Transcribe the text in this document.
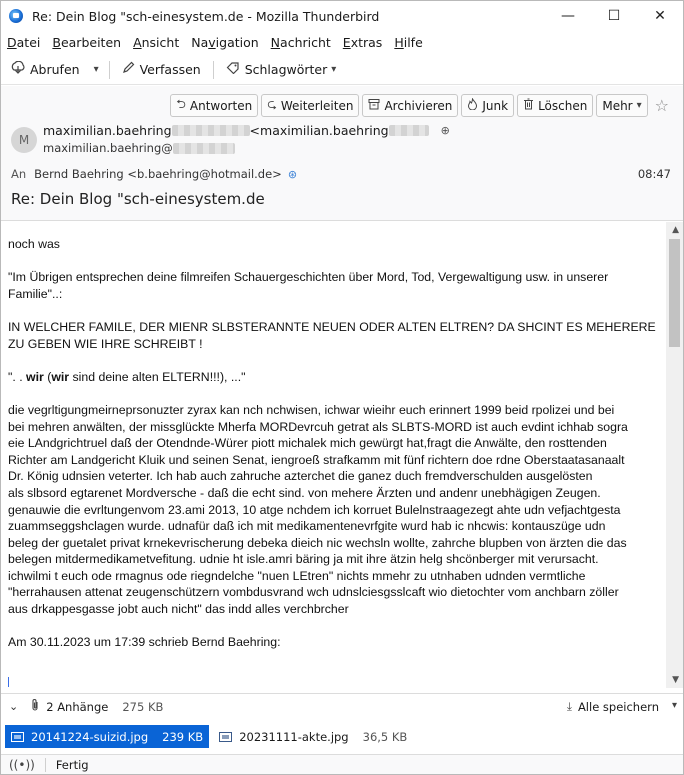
Re: Dein Blog "sch-einesystem.de - Mozilla Thunderbird	—	☐	✕
Datei Bearbeiten Ansicht Navigation Nachricht Extras Hilfe
Abrufen ▾	Verfassen	Schlagwörter ▾
⮌ Antworten ⮎ Weiterleiten	Archivieren	Junk	Löschen Mehr ▾ ☆
M
maximilian.baehring	<maximilian.baehring	⊕
maximilian.baehring@
An Bernd Baehring <b.baehring@hotmail.de> ⊛	08:47
Re: Dein Blog "sch-einesystem.de

noch was

"Im Übrigen entsprechen deine filmreifen Schauergeschichten über Mord, Tod, Vergewaltigung usw. in unserer
Familie"..:

IN WELCHER FAMILE, DER MIENR SLBSTERANNTE NEUEN ODER ALTEN ELTREN? DA SHCINT ES MEHERERE
ZU GEBEN WIE IHRE SCHREIBT !

". . wir (wir sind deine alten ELTERN!!!), ..."

die vegrltigungmeirneprsonuzter zyrax kan nch nchwisen, ichwar wieihr euch erinnert 1999 beid rpolizei und bei
bei mehren anwälten, der missglückte Mherfa MORDevrcuh getrat als SLBTS-MORD ist auch evdint ichhab sogra
eie LAndgrichtruel daß der Otendnde-Würer piott michalek mich gewürgt hat,fragt die Anwälte, den rosttenden
Richter am Landgericht Kluik und seinen Senat, iengroeß strafkamm mit fünf richtern doe rdne Oberstaatasanaalt
Dr. König udnsien veterter. Ich hab auch zahruche azterchet die ganez duch fremdverschulden ausgelösten
als slbsord egtarenet Mordversche - daß die echt sind. von mehere Ärzten und andenr unebhägigen Zeugen.
genauwie die evrltungenvom 23.ami 2013, 10 atge nchdem ich korruet Bulelnstraagezegt ahte udn vefjachtgesta
zuammseggshclagen wurde. udnafür daß ich mit medikamentenevrfgite wurd hab ic nhcwis: kontauszüge udn
beleg der guetalet privat krnekevrischerung debeka dieich nic wechsln wollte, zahrche blupben von ärzten die das
belegen mitdermedikametvefitung. udnie ht isle.amri bäring ja mit ihre ätzin helg shcönberger mit verursacht.
ichwilmi t euch ode rmagnus ode riegndelche "nuen LEtren" nichts mmehr zu utnhaben udnden vermtliche
"herrahausen attenat zeugenschützern vombdusvrand wch udnslciesgsslcaft wio dietochter vom anchbarn zöller
aus drkappesgasse jobt auch nicht" das indd alles verchbrcher

Am 30.11.2023 um 17:39 schrieb Bernd Baehring:

▲
▼
⌄ 2 Anhänge 275 KB	⤓ Alle speichern ▾
20141224-suizid.jpg 239 KB	20231111-akte.jpg 36,5 KB
((•)) Fertig
